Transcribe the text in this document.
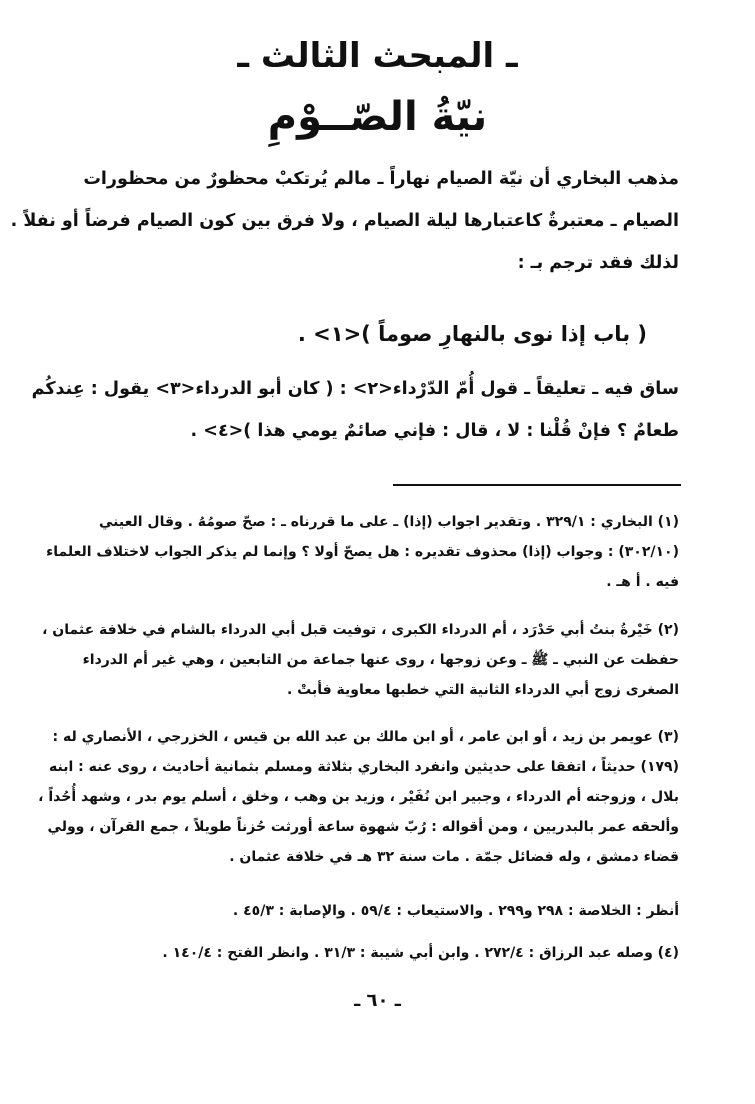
ـ المبحث الثالث ـ
نيّةُ الصّــوْمِ
مذهب البخاري أن نيّة الصيام نهاراً ـ مالم يُرتكبْ محظورٌ من محظورات
الصيام ـ معتبرةٌ كاعتبارها ليلة الصيام ، ولا فرق بين كون الصيام فرضاً أو نفلاً .
لذلك فقد ترجم بـ :
( باب إذا نوى بالنهارِ صوماً )<١> .
ساق فيه ـ تعليقاً ـ قول أُمّ الدّرْداء<٢> : ( كان أبو الدرداء<٣> يقول : عِندكُم
طعامٌ ؟ فإنْ قُلْنا : لا ، قال : فإني صائمٌ يومي هذا )<٤> .
(١) البخاري : ٣٢٩/١ . وتقدير اجواب (إذا) ـ على ما قررناه ـ : صحّ صومُهُ . وقال العيني
(٣٠٢/١٠) : وجواب (إذا) محذوف تقديره : هل يصحّ أولا ؟ وإنما لم يذكر الجواب لاختلاف العلماء
فيه . أ هـ .
(٢) خَيْرةُ بنتُ أبي حَدْرَد ، أم الدرداء الكبرى ، توفيت قبل أبي الدرداء بالشام في خلافة عثمان ،
حفظت عن النبي ـ ﷺ ـ وعن زوجها ، روى عنها جماعة من التابعين ، وهي غير أم الدرداء
الصغرى زوج أبي الدرداء الثانية التي خطبها معاوية فأبتْ .
(٣) عويمر بن زيد ، أو ابن عامر ، أو ابن مالك بن عبد الله بن قيس ، الخزرجي ، الأنصاري له :
(١٧٩) حديثاً ، اتفقا على حديثين وانفرد البخاري بثلاثة ومسلم بثمانية أحاديث ، روى عنه : ابنه
بلال ، وزوجته أم الدرداء ، وجبير ابن نُفَيْر ، وزيد بن وهب ، وخلق ، أسلم يوم بدر ، وشهد أُحُداً ،
وألحقه عمر بالبدريين ، ومن أقواله : رُبّ شهوة ساعة أورثت حُزناً طويلاً ، جمع القرآن ، وولي
قضاء دمشق ، وله فضائل جمّة . مات سنة ٣٢ هـ في خلافة عثمان .
أنظر : الخلاصة : ٢٩٨ و٢٩٩ . والاستيعاب : ٥٩/٤ . والإصابة : ٤٥/٣ .
(٤) وصله عبد الرزاق : ٢٧٢/٤ . وابن أبي شيبة : ٣١/٣ . وانظر الفتح : ١٤٠/٤ .
ـ ٦٠ ـ
